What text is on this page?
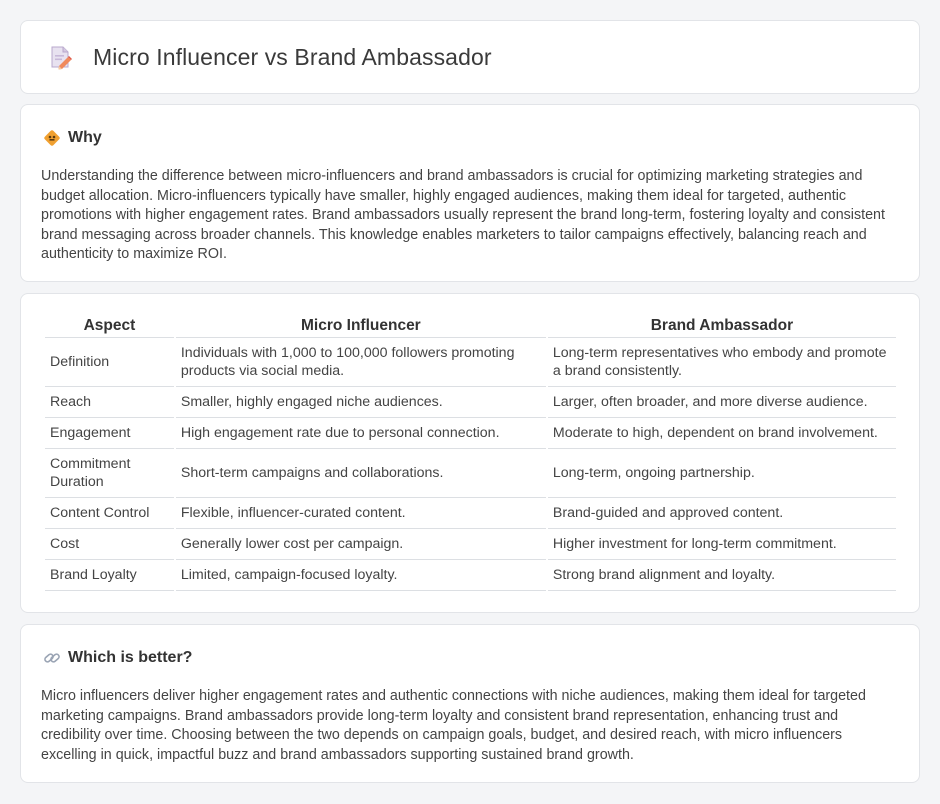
Micro Influencer vs Brand Ambassador
Why

Understanding the difference between micro-influencers and brand ambassadors is crucial for optimizing marketing strategies and budget allocation. Micro-influencers typically have smaller, highly engaged audiences, making them ideal for targeted, authentic promotions with higher engagement rates. Brand ambassadors usually represent the brand long-term, fostering loyalty and consistent brand messaging across broader channels. This knowledge enables marketers to tailor campaigns effectively, balancing reach and authenticity to maximize ROI.

Aspect	Micro Influencer	Brand Ambassador
Definition	Individuals with 1,000 to 100,000 followers promoting products via social media.	Long-term representatives who embody and promote a brand consistently.
Reach	Smaller, highly engaged niche audiences.	Larger, often broader, and more diverse audience.
Engagement	High engagement rate due to personal connection.	Moderate to high, dependent on brand involvement.
Commitment Duration	Short-term campaigns and collaborations.	Long-term, ongoing partnership.
Content Control	Flexible, influencer-curated content.	Brand-guided and approved content.
Cost	Generally lower cost per campaign.	Higher investment for long-term commitment.
Brand Loyalty	Limited, campaign-focused loyalty.	Strong brand alignment and loyalty.
Which is better?

Micro influencers deliver higher engagement rates and authentic connections with niche audiences, making them ideal for targeted marketing campaigns. Brand ambassadors provide long-term loyalty and consistent brand representation, enhancing trust and credibility over time. Choosing between the two depends on campaign goals, budget, and desired reach, with micro influencers excelling in quick, impactful buzz and brand ambassadors supporting sustained brand growth.
